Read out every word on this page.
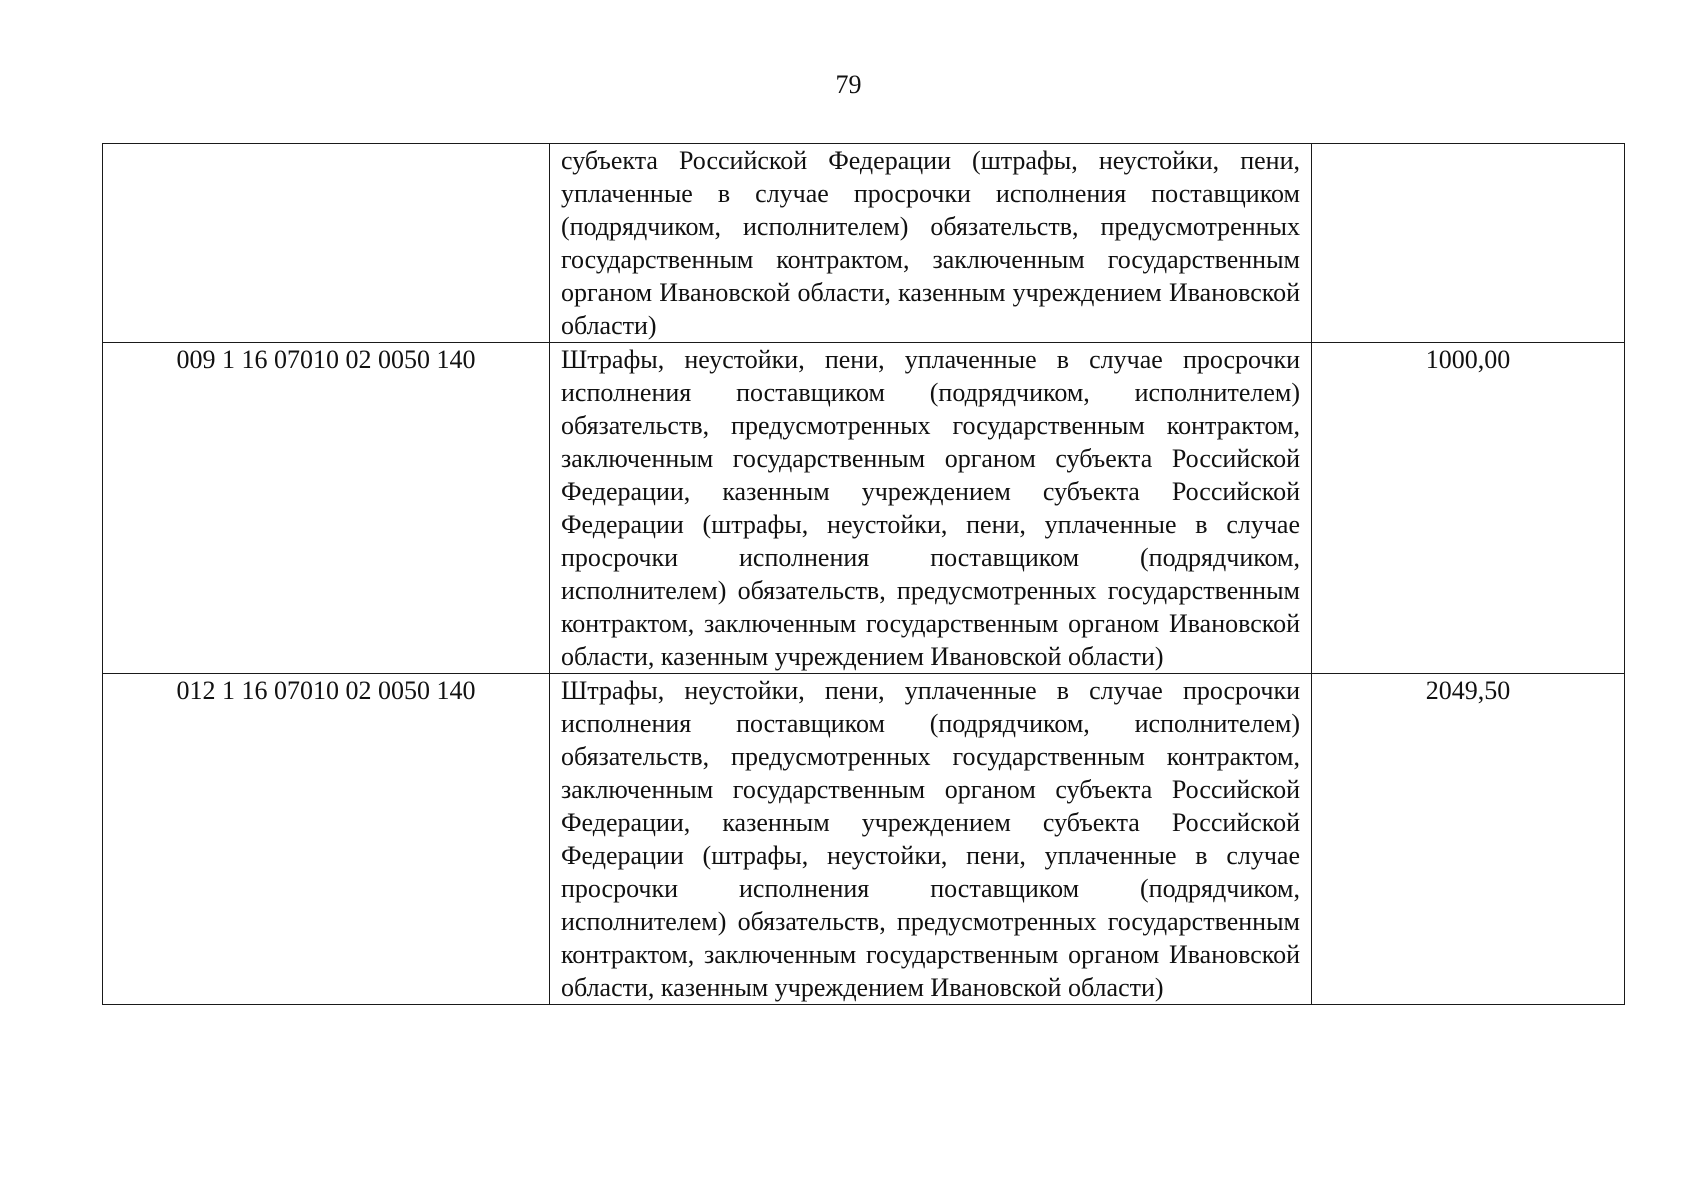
79
	субъекта Российской Федерации (штрафы, неустойки, пени, уплаченные в случае просрочки исполнения поставщиком (подрядчиком, исполнителем) обязательств, предусмотренных государственным контрактом, заключенным государственным органом Ивановской области, казенным учреждением Ивановской области)	
009 1 16 07010 02 0050 140	Штрафы, неустойки, пени, уплаченные в случае просрочки исполнения поставщиком (подрядчиком, исполнителем) обязательств, предусмотренных государственным контрактом, заключенным государственным органом субъекта Российской Федерации, казенным учреждением субъекта Российской Федерации (штрафы, неустойки, пени, уплаченные в случае просрочки исполнения поставщиком (подрядчиком, исполнителем) обязательств, предусмотренных государственным контрактом, заключенным государственным органом Ивановской области, казенным учреждением Ивановской области)	1000,00
012 1 16 07010 02 0050 140	Штрафы, неустойки, пени, уплаченные в случае просрочки исполнения поставщиком (подрядчиком, исполнителем) обязательств, предусмотренных государственным контрактом, заключенным государственным органом субъекта Российской Федерации, казенным учреждением субъекта Российской Федерации (штрафы, неустойки, пени, уплаченные в случае просрочки исполнения поставщиком (подрядчиком, исполнителем) обязательств, предусмотренных государственным контрактом, заключенным государственным органом Ивановской области, казенным учреждением Ивановской области)	2049,50
